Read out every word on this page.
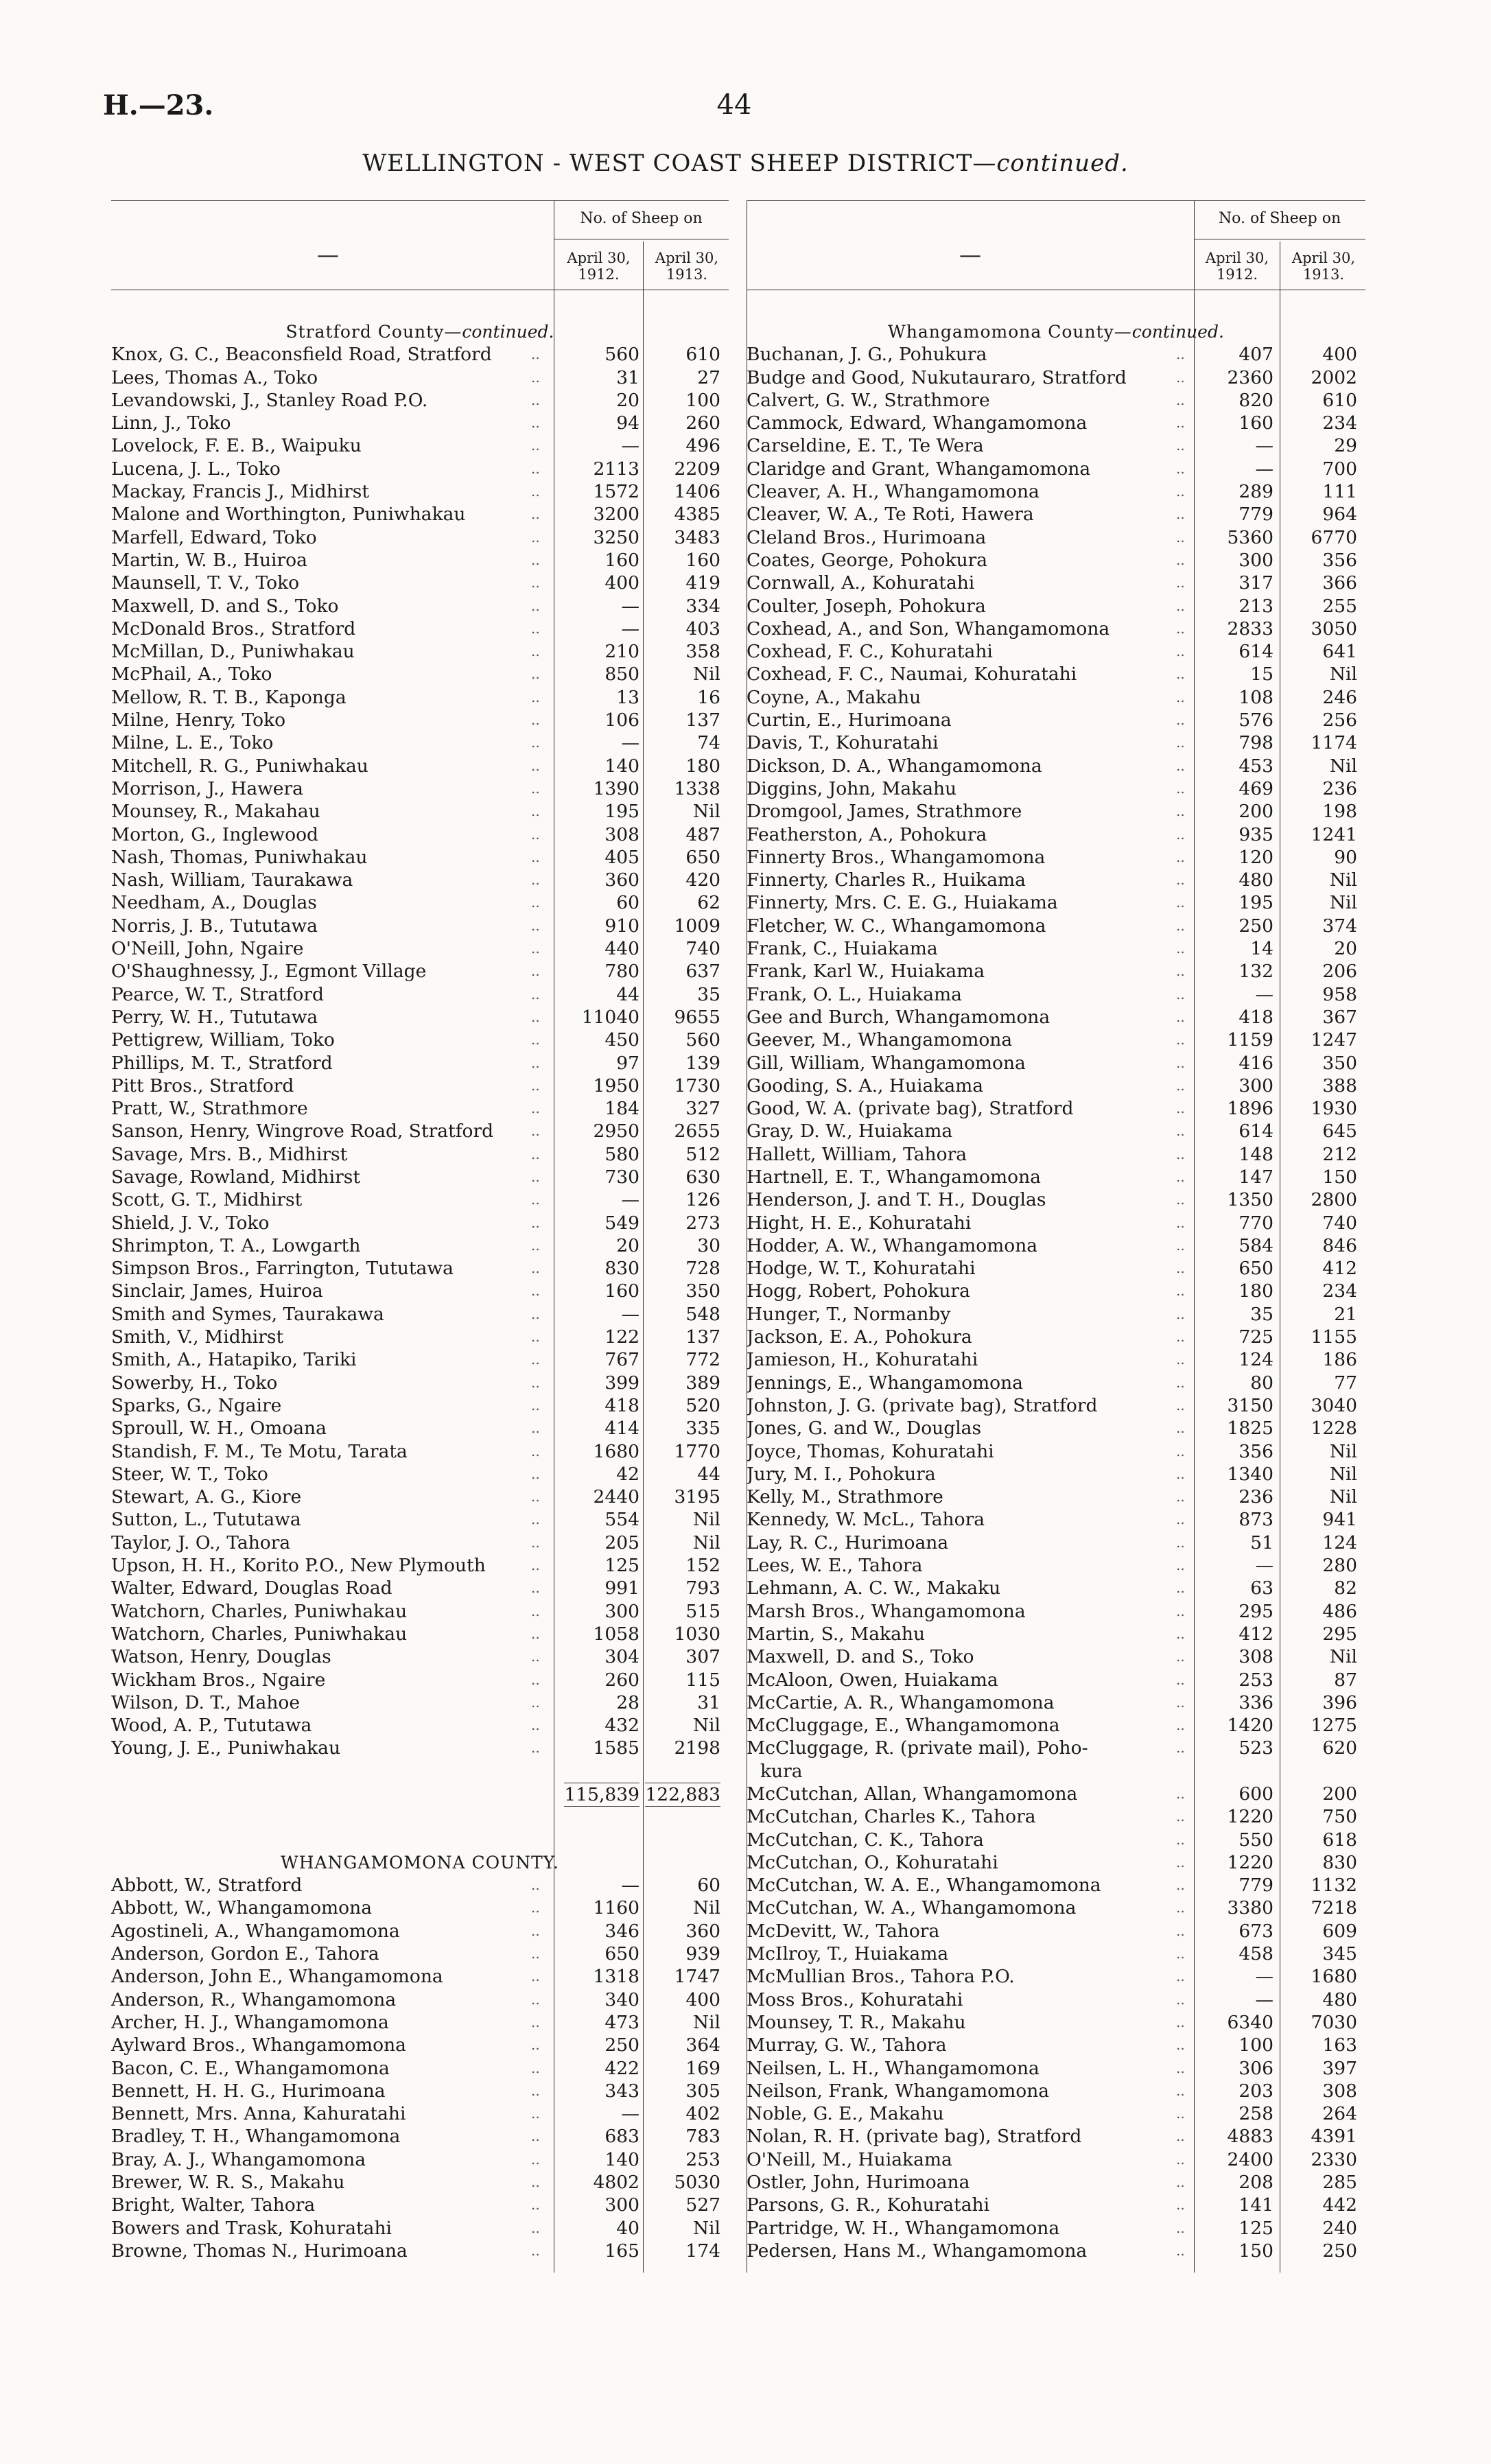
H.—23.	44
WELLINGTON - WEST COAST SHEEP DISTRICT—continued.
—
No. of Sheep on
April 30,
1912.
April 30,
1913.
Stratford County—continued.
Knox, G. C., Beaconsfield Road, Stratford	..	560	610
Lees, Thomas A., Toko	..	31	27
Levandowski, J., Stanley Road P.O.	..	20	100
Linn, J., Toko	..	94	260
Lovelock, F. E. B., Waipuku	..	—	496
Lucena, J. L., Toko	..	2113	2209
Mackay, Francis J., Midhirst	..	1572	1406
Malone and Worthington, Puniwhakau	..	3200	4385
Marfell, Edward, Toko	..	3250	3483
Martin, W. B., Huiroa	..	160	160
Maunsell, T. V., Toko	..	400	419
Maxwell, D. and S., Toko	..	—	334
McDonald Bros., Stratford	..	—	403
McMillan, D., Puniwhakau	..	210	358
McPhail, A., Toko	..	850	Nil
Mellow, R. T. B., Kaponga	..	13	16
Milne, Henry, Toko	..	106	137
Milne, L. E., Toko	..	—	74
Mitchell, R. G., Puniwhakau	..	140	180
Morrison, J., Hawera	..	1390	1338
Mounsey, R., Makahau	..	195	Nil
Morton, G., Inglewood	..	308	487
Nash, Thomas, Puniwhakau	..	405	650
Nash, William, Taurakawa	..	360	420
Needham, A., Douglas	..	60	62
Norris, J. B., Tututawa	..	910	1009
O'Neill, John, Ngaire	..	440	740
O'Shaughnessy, J., Egmont Village	..	780	637
Pearce, W. T., Stratford	..	44	35
Perry, W. H., Tututawa	..	11040	9655
Pettigrew, William, Toko	..	450	560
Phillips, M. T., Stratford	..	97	139
Pitt Bros., Stratford	..	1950	1730
Pratt, W., Strathmore	..	184	327
Sanson, Henry, Wingrove Road, Stratford	..	2950	2655
Savage, Mrs. B., Midhirst	..	580	512
Savage, Rowland, Midhirst	..	730	630
Scott, G. T., Midhirst	..	—	126
Shield, J. V., Toko	..	549	273
Shrimpton, T. A., Lowgarth	..	20	30
Simpson Bros., Farrington, Tututawa	..	830	728
Sinclair, James, Huiroa	..	160	350
Smith and Symes, Taurakawa	..	—	548
Smith, V., Midhirst	..	122	137
Smith, A., Hatapiko, Tariki	..	767	772
Sowerby, H., Toko	..	399	389
Sparks, G., Ngaire	..	418	520
Sproull, W. H., Omoana	..	414	335
Standish, F. M., Te Motu, Tarata	..	1680	1770
Steer, W. T., Toko	..	42	44
Stewart, A. G., Kiore	..	2440	3195
Sutton, L., Tututawa	..	554	Nil
Taylor, J. O., Tahora	..	205	Nil
Upson, H. H., Korito P.O., New Plymouth	..	125	152
Walter, Edward, Douglas Road	..	991	793
Watchorn, Charles, Puniwhakau	..	300	515
Watchorn, Charles, Puniwhakau	..	1058	1030
Watson, Henry, Douglas	..	304	307
Wickham Bros., Ngaire	..	260	115
Wilson, D. T., Mahoe	..	28	31
Wood, A. P., Tututawa	..	432	Nil
Young, J. E., Puniwhakau	..	1585	2198
115,839 122,883
WHANGAMOMONA COUNTY.
Abbott, W., Stratford	..	—	60
Abbott, W., Whangamomona	..	1160	Nil
Agostineli, A., Whangamomona	..	346	360
Anderson, Gordon E., Tahora	..	650	939
Anderson, John E., Whangamomona	..	1318	1747
Anderson, R., Whangamomona	..	340	400
Archer, H. J., Whangamomona	..	473	Nil
Aylward Bros., Whangamomona	..	250	364
Bacon, C. E., Whangamomona	..	422	169
Bennett, H. H. G., Hurimoana	..	343	305
Bennett, Mrs. Anna, Kahuratahi	..	—	402
Bradley, T. H., Whangamomona	..	683	783
Bray, A. J., Whangamomona	..	140	253
Brewer, W. R. S., Makahu	..	4802	5030
Bright, Walter, Tahora	..	300	527
Bowers and Trask, Kohuratahi	..	40	Nil
Browne, Thomas N., Hurimoana	..	165	174
—
No. of Sheep on
April 30,
1912.
April 30,
1913.
Whangamomona County—continued.
Buchanan, J. G., Pohukura	..	407	400
Budge and Good, Nukutauraro, Stratford	..	2360	2002
Calvert, G. W., Strathmore	..	820	610
Cammock, Edward, Whangamomona	..	160	234
Carseldine, E. T., Te Wera	..	—	29
Claridge and Grant, Whangamomona	..	—	700
Cleaver, A. H., Whangamomona	..	289	111
Cleaver, W. A., Te Roti, Hawera	..	779	964
Cleland Bros., Hurimoana	..	5360	6770
Coates, George, Pohokura	..	300	356
Cornwall, A., Kohuratahi	..	317	366
Coulter, Joseph, Pohokura	..	213	255
Coxhead, A., and Son, Whangamomona	..	2833	3050
Coxhead, F. C., Kohuratahi	..	614	641
Coxhead, F. C., Naumai, Kohuratahi	..	15	Nil
Coyne, A., Makahu	..	108	246
Curtin, E., Hurimoana	..	576	256
Davis, T., Kohuratahi	..	798	1174
Dickson, D. A., Whangamomona	..	453	Nil
Diggins, John, Makahu	..	469	236
Dromgool, James, Strathmore	..	200	198
Featherston, A., Pohokura	..	935	1241
Finnerty Bros., Whangamomona	..	120	90
Finnerty, Charles R., Huikama	..	480	Nil
Finnerty, Mrs. C. E. G., Huiakama	..	195	Nil
Fletcher, W. C., Whangamomona	..	250	374
Frank, C., Huiakama	..	14	20
Frank, Karl W., Huiakama	..	132	206
Frank, O. L., Huiakama	..	—	958
Gee and Burch, Whangamomona	..	418	367
Geever, M., Whangamomona	..	1159	1247
Gill, William, Whangamomona	..	416	350
Gooding, S. A., Huiakama	..	300	388
Good, W. A. (private bag), Stratford	..	1896	1930
Gray, D. W., Huiakama	..	614	645
Hallett, William, Tahora	..	148	212
Hartnell, E. T., Whangamomona	..	147	150
Henderson, J. and T. H., Douglas	..	1350	2800
Hight, H. E., Kohuratahi	..	770	740
Hodder, A. W., Whangamomona	..	584	846
Hodge, W. T., Kohuratahi	..	650	412
Hogg, Robert, Pohokura	..	180	234
Hunger, T., Normanby	..	35	21
Jackson, E. A., Pohokura	..	725	1155
Jamieson, H., Kohuratahi	..	124	186
Jennings, E., Whangamomona	..	80	77
Johnston, J. G. (private bag), Stratford	..	3150	3040
Jones, G. and W., Douglas	..	1825	1228
Joyce, Thomas, Kohuratahi	..	356	Nil
Jury, M. I., Pohokura	..	1340	Nil
Kelly, M., Strathmore	..	236	Nil
Kennedy, W. McL., Tahora	..	873	941
Lay, R. C., Hurimoana	..	51	124
Lees, W. E., Tahora	..	—	280
Lehmann, A. C. W., Makaku	..	63	82
Marsh Bros., Whangamomona	..	295	486
Martin, S., Makahu	..	412	295
Maxwell, D. and S., Toko	..	308	Nil
McAloon, Owen, Huiakama	..	253	87
McCartie, A. R., Whangamomona	..	336	396
McCluggage, E., Whangamomona	..	1420	1275
McCluggage, R. (private mail), Poho-	..	523	620
kura
McCutchan, Allan, Whangamomona	..	600	200
McCutchan, Charles K., Tahora	..	1220	750
McCutchan, C. K., Tahora	..	550	618
McCutchan, O., Kohuratahi	..	1220	830
McCutchan, W. A. E., Whangamomona	..	779	1132
McCutchan, W. A., Whangamomona	..	3380	7218
McDevitt, W., Tahora	..	673	609
McIlroy, T., Huiakama	..	458	345
McMullian Bros., Tahora P.O.	..	—	1680
Moss Bros., Kohuratahi	..	—	480
Mounsey, T. R., Makahu	..	6340	7030
Murray, G. W., Tahora	..	100	163
Neilsen, L. H., Whangamomona	..	306	397
Neilson, Frank, Whangamomona	..	203	308
Noble, G. E., Makahu	..	258	264
Nolan, R. H. (private bag), Stratford	..	4883	4391
O'Neill, M., Huiakama	..	2400	2330
Ostler, John, Hurimoana	..	208	285
Parsons, G. R., Kohuratahi	..	141	442
Partridge, W. H., Whangamomona	..	125	240
Pedersen, Hans M., Whangamomona	..	150	250
